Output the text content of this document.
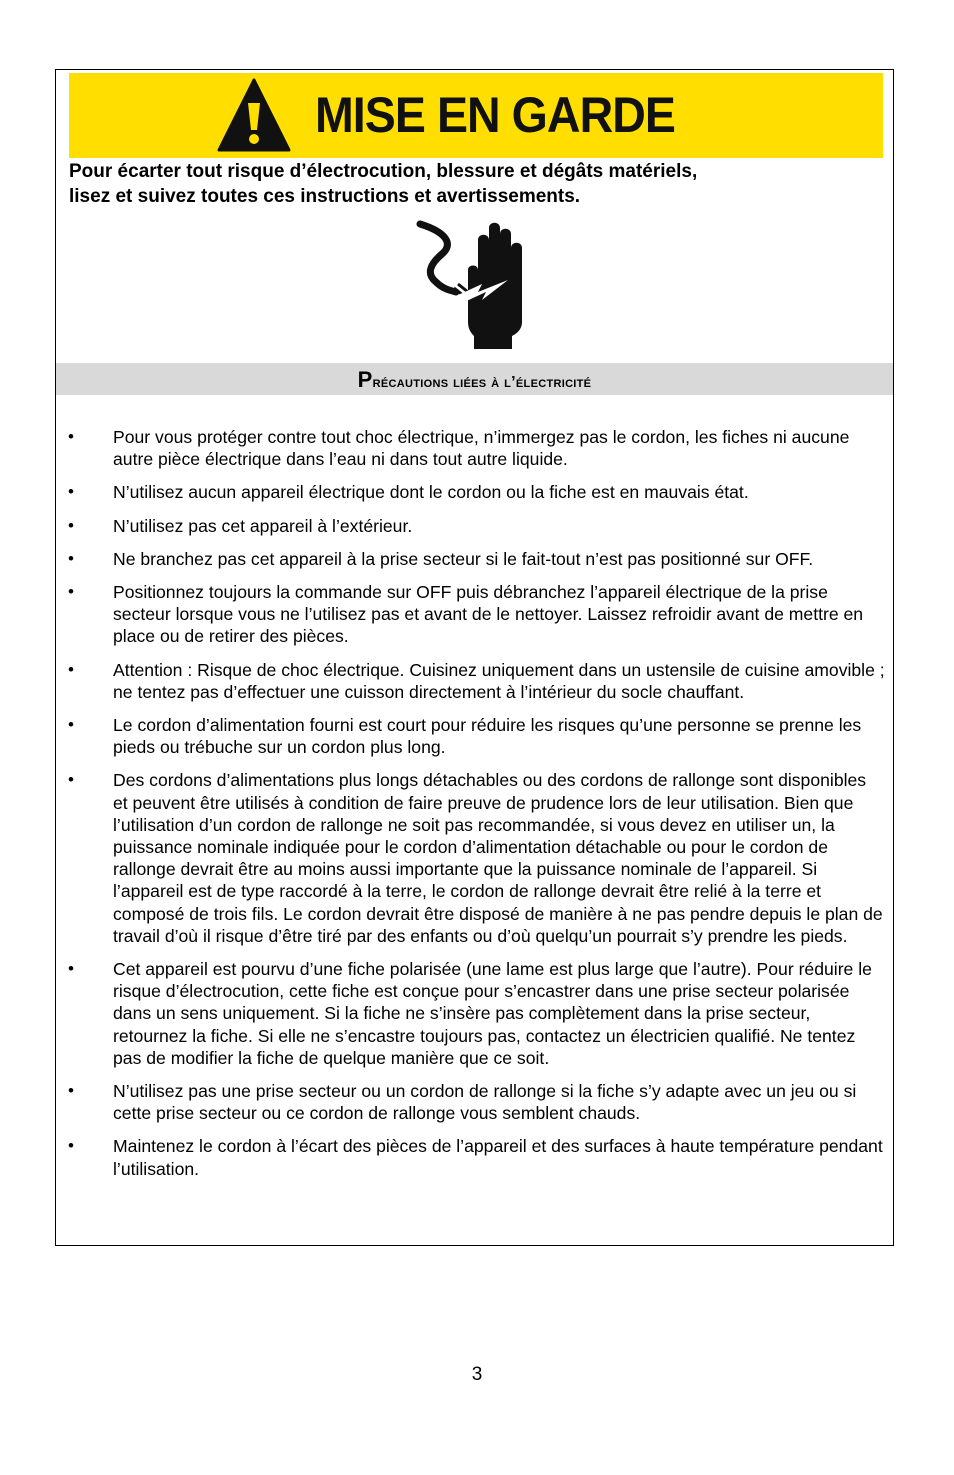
MISE EN GARDE
Pour écarter tout risque d’électrocution, blessure et dégâts matériels,
lisez et suivez toutes ces instructions et avertissements.
Précautions liées à l’électricité
•	Pour vous protéger contre tout choc électrique, n’immergez pas le cordon, les fiches ni aucune autre pièce électrique dans l’eau ni dans tout autre liquide.
•	N’utilisez aucun appareil électrique dont le cordon ou la fiche est en mauvais état.
•	N’utilisez pas cet appareil à l’extérieur.
•	Ne branchez pas cet appareil à la prise secteur si le fait-tout n’est pas positionné sur OFF.
•	Positionnez toujours la commande sur OFF puis débranchez l’appareil électrique de la prise secteur lorsque vous ne l’utilisez pas et avant de le nettoyer. Laissez refroidir avant de mettre en place ou de retirer des pièces.
•	Attention : Risque de choc électrique. Cuisinez uniquement dans un ustensile de cuisine amovible ; ne tentez pas d’effectuer une cuisson directement à l’intérieur du socle chauffant.
•	Le cordon d’alimentation fourni est court pour réduire les risques qu’une personne se prenne les pieds ou trébuche sur un cordon plus long.
•	Des cordons d’alimentations plus longs détachables ou des cordons de rallonge sont disponibles et peuvent être utilisés à condition de faire preuve de prudence lors de leur utilisation. Bien que l’utilisation d’un cordon de rallonge ne soit pas recommandée, si vous devez en utiliser un, la puissance nominale indiquée pour le cordon d’alimentation détachable ou pour le cordon de rallonge devrait être au moins aussi importante que la puissance nominale de l’appareil. Si l’appareil est de type raccordé à la terre, le cordon de rallonge devrait être relié à la terre et composé de trois fils. Le cordon devrait être disposé de manière à ne pas pendre depuis le plan de travail d’où il risque d’être tiré par des enfants ou d’où quelqu’un pourrait s’y prendre les pieds.
•	Cet appareil est pourvu d’une fiche polarisée (une lame est plus large que l’autre). Pour réduire le risque d’électrocution, cette fiche est conçue pour s’encastrer dans une prise secteur polarisée dans un sens uniquement. Si la fiche ne s’insère pas complètement dans la prise secteur, retournez la fiche. Si elle ne s’encastre toujours pas, contactez un électricien qualifié. Ne tentez pas de modifier la fiche de quelque manière que ce soit.
•	N’utilisez pas une prise secteur ou un cordon de rallonge si la fiche s’y adapte avec un jeu ou si cette prise secteur ou ce cordon de rallonge vous semblent chauds.
•	Maintenez le cordon à l’écart des pièces de l’appareil et des surfaces à haute température pendant l’utilisation.
3
